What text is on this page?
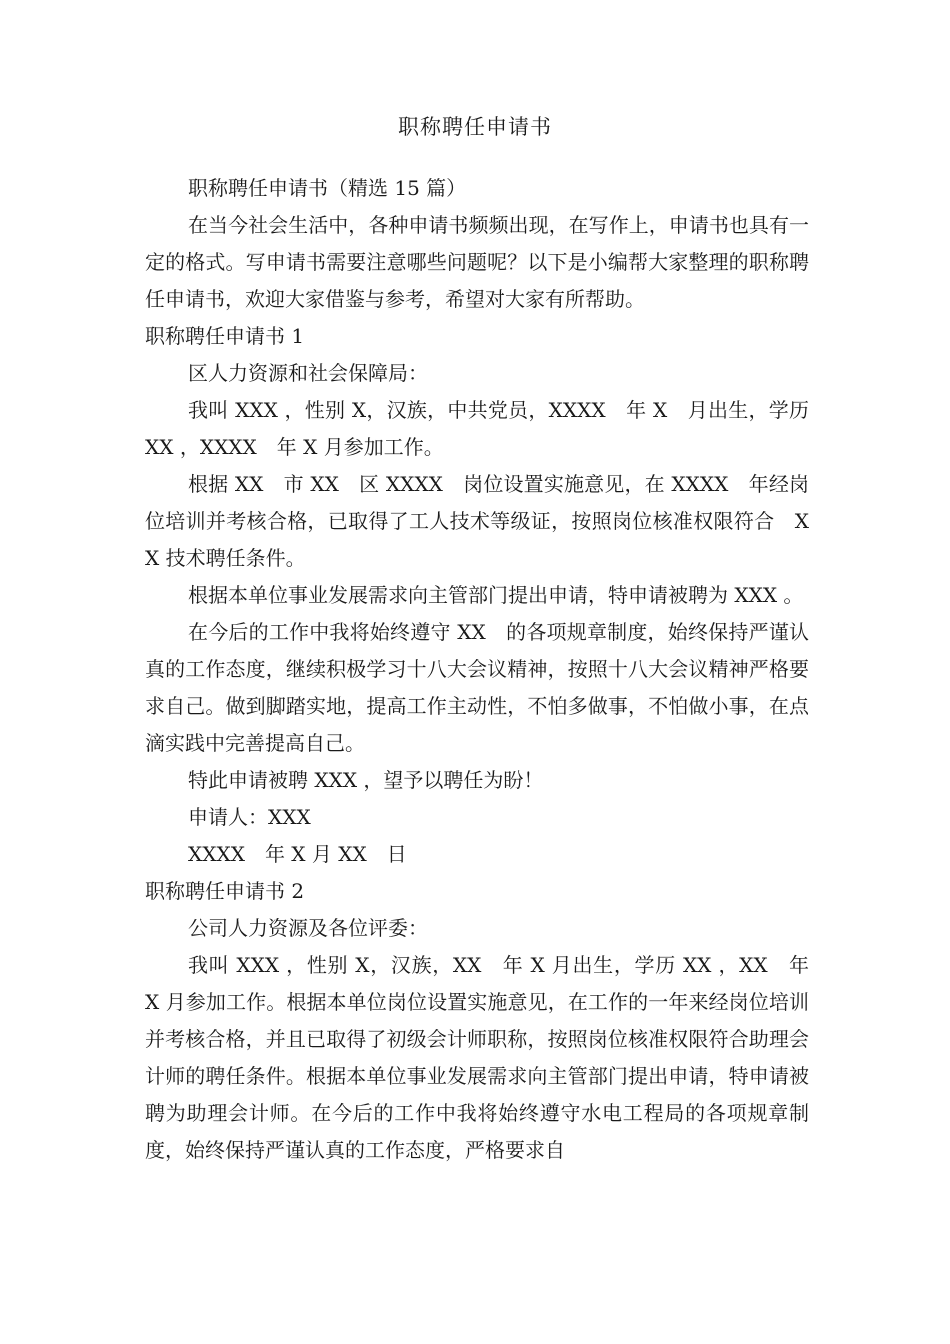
职称聘任申请书

职称聘任申请书（精选 15 篇）

在当今社会生活中，各种申请书频频出现，在写作上，申请书也具有一定的格式。写申请书需要注意哪些问题呢？以下是小编帮大家整理的职称聘任申请书，欢迎大家借鉴与参考，希望对大家有所帮助。

职称聘任申请书 1

区人力资源和社会保障局：

我叫 XXX ，性别 X，汉族，中共党员，XXXX　年 X　月出生，学历 XX ，XXXX　年 X 月参加工作。

根据 XX　市 XX　区 XXXX　岗位设置实施意见，在 XXXX　年经岗位培训并考核合格，已取得了工人技术等级证，按照岗位核准权限符合　XX 技术聘任条件。

根据本单位事业发展需求向主管部门提出申请，特申请被聘为 XXX 。

在今后的工作中我将始终遵守 XX　的各项规章制度，始终保持严谨认真的工作态度，继续积极学习十八大会议精神，按照十八大会议精神严格要求自己。做到脚踏实地，提高工作主动性，不怕多做事，不怕做小事，在点滴实践中完善提高自己。

特此申请被聘 XXX ，望予以聘任为盼！

申请人：XXX

XXXX　年 X 月 XX　日

职称聘任申请书 2

公司人力资源及各位评委：

我叫 XXX ，性别 X，汉族，XX　年 X 月出生，学历 XX ，XX　年 X 月参加工作。根据本单位岗位设置实施意见，在工作的一年来经岗位培训并考核合格，并且已取得了初级会计师职称，按照岗位核准权限符合助理会计师的聘任条件。根据本单位事业发展需求向主管部门提出申请，特申请被聘为助理会计师。在今后的工作中我将始终遵守水电工程局的各项规章制度，始终保持严谨认真的工作态度，严格要求自
